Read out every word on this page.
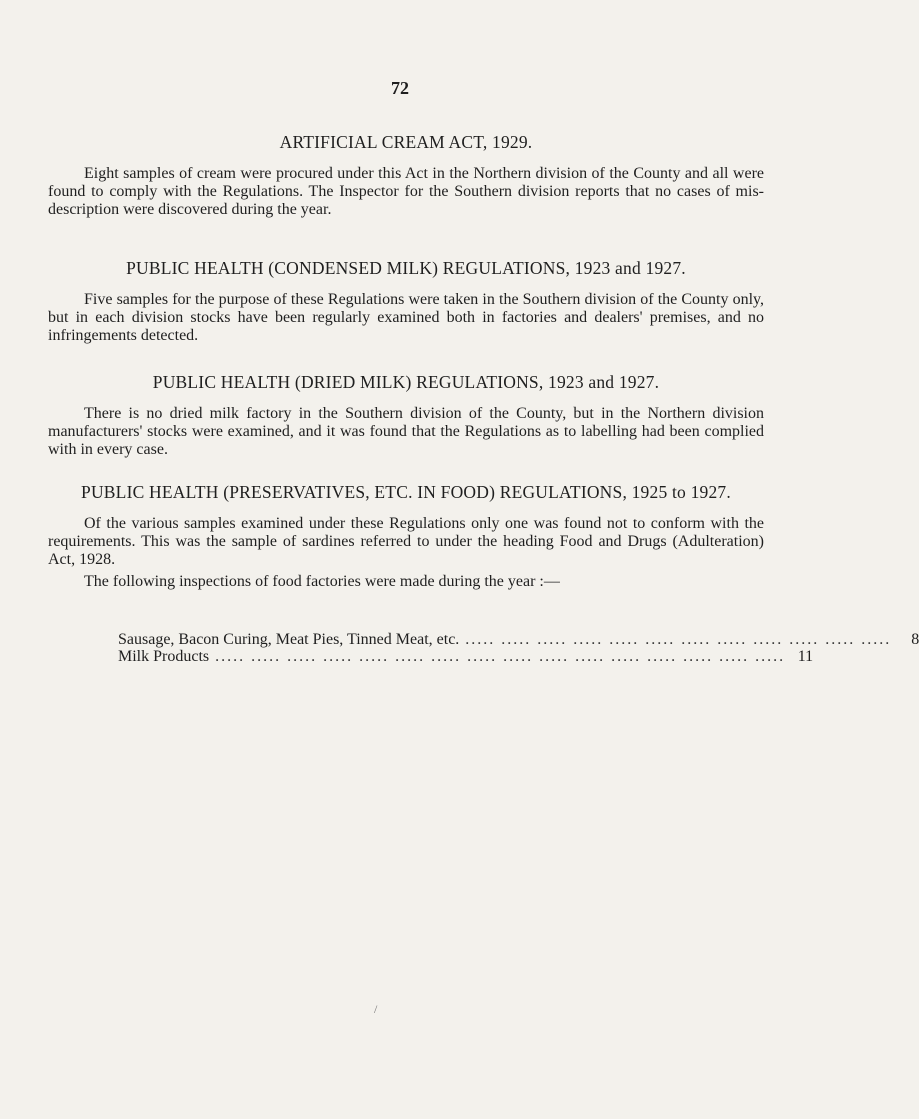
72
ARTIFICIAL CREAM ACT, 1929.

Eight samples of cream were procured under this Act in the Northern division of the County and all were found to comply with the Regulations. The Inspector for the Southern division reports that no cases of mis-description were discovered during the year.

PUBLIC HEALTH (CONDENSED MILK) REGULATIONS, 1923 and 1927.

Five samples for the purpose of these Regulations were taken in the Southern division of the County only, but in each division stocks have been regularly examined both in factories and dealers' premises, and no infringements detected.

PUBLIC HEALTH (DRIED MILK) REGULATIONS, 1923 and 1927.

There is no dried milk factory in the Southern division of the County, but in the Northern division manufacturers' stocks were examined, and it was found that the Regulations as to labelling had been complied with in every case.

PUBLIC HEALTH (PRESERVATIVES, ETC. IN FOOD) REGULATIONS, 1925 to 1927.

Of the various samples examined under these Regulations only one was found not to conform with the requirements. This was the sample of sardines referred to under the heading Food and Drugs (Adulteration) Act, 1928.

The following inspections of food factories were made during the year :—

Sausage, Bacon Curing, Meat Pies, Tinned Meat, etc. ..... ..... ..... ..... ..... ..... ..... ..... ..... ..... ..... .....	8
Milk Products ..... ..... ..... ..... ..... ..... ..... ..... ..... ..... ..... ..... ..... ..... ..... ..... 11
/
